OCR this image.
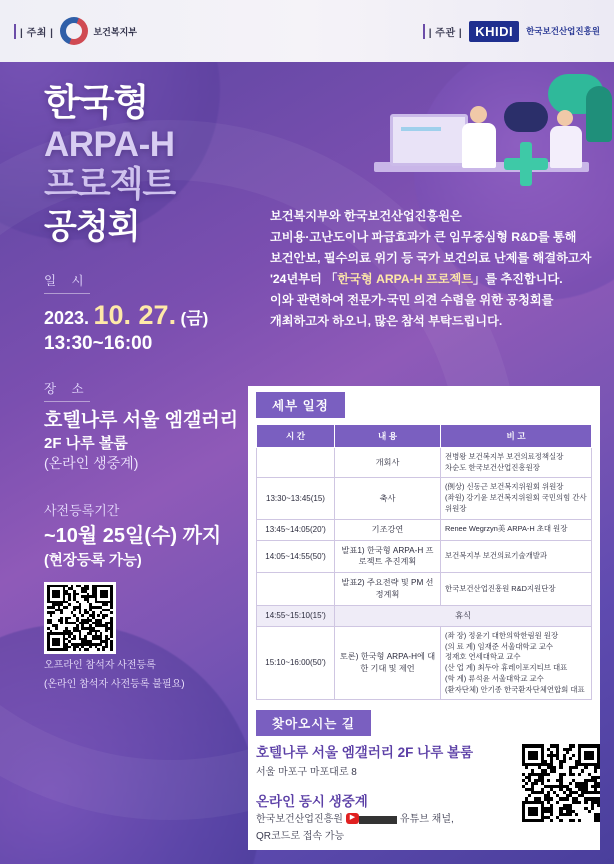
| 주최 |	보건복지부	| 주관 |	KHIDI	한국보건산업진흥원
한국형
ARPA-H
프로젝트
공청회
일 시
2023. 10. 27. (금)
13:30~16:00
장 소
호텔나루 서울 엠갤러리
2F 나루 볼룸
(온라인 생중계)
사전등록기간
~10월 25일(수) 까지
(현장등록 가능)
오프라인 참석자 사전등록
(온라인 참석자 사전등록 불필요)
보건복지부와 한국보건산업진흥원은
고비용·고난도이나 파급효과가 큰 임무중심형 R&D를 통해
보건안보, 필수의료 위기 등 국가 보건의료 난제를 해결하고자
'24년부터 「한국형 ARPA-H 프로젝트」를 추진합니다.
이와 관련하여 전문가·국민 의견 수렴을 위한 공청회를
개최하고자 하오니, 많은 참석 부탁드립니다.
세부 일정
시 간	내 용	비 고
	개회사	전병왕 보건복지부 보건의료정책실장
차순도 한국보건산업진흥원장
13:30~13:45(15)	축사	(例상) 신동근 보건복지위원회 위원장
(좌원) 강기윤 보건복지위원회 국민의힘 간사
위원장
13:45~14:05(20')	기조강연	Renee Wegrzyn美 ARPA-H 초대 원장
14:05~14:55(50')	발표1) 한국형 ARPA-H 프로젝트 추진계획	보건복지부 보건의료기술개발과
	발표2) 주요전략 및 PM 선정계획	한국보건산업진흥원 R&D지원단장
14:55~15:10(15')	휴식	
15:10~16:00(50')	토론) 한국형 ARPA-H에 대한 기대 및 제언	(좌 장) 정윤기 대한의학한림원 원장
(의 료 계) 임재준 서울대학교 교수
정재호 연세대학교 교수
(산 업 계) 최두아 휴레이포지티브 대표
(학 계) 류석윤 서울대학교 교수
(환자단체) 안기종 한국환자단체연합회 대표
찾아오시는 길
호텔나루 서울 엠갤러리 2F 나루 볼룸
서울 마포구 마포대로 8
온라인 동시 생중계
한국보건산업진흥원 ▶	유튜브 채널,
QR코드로 접속 가능
